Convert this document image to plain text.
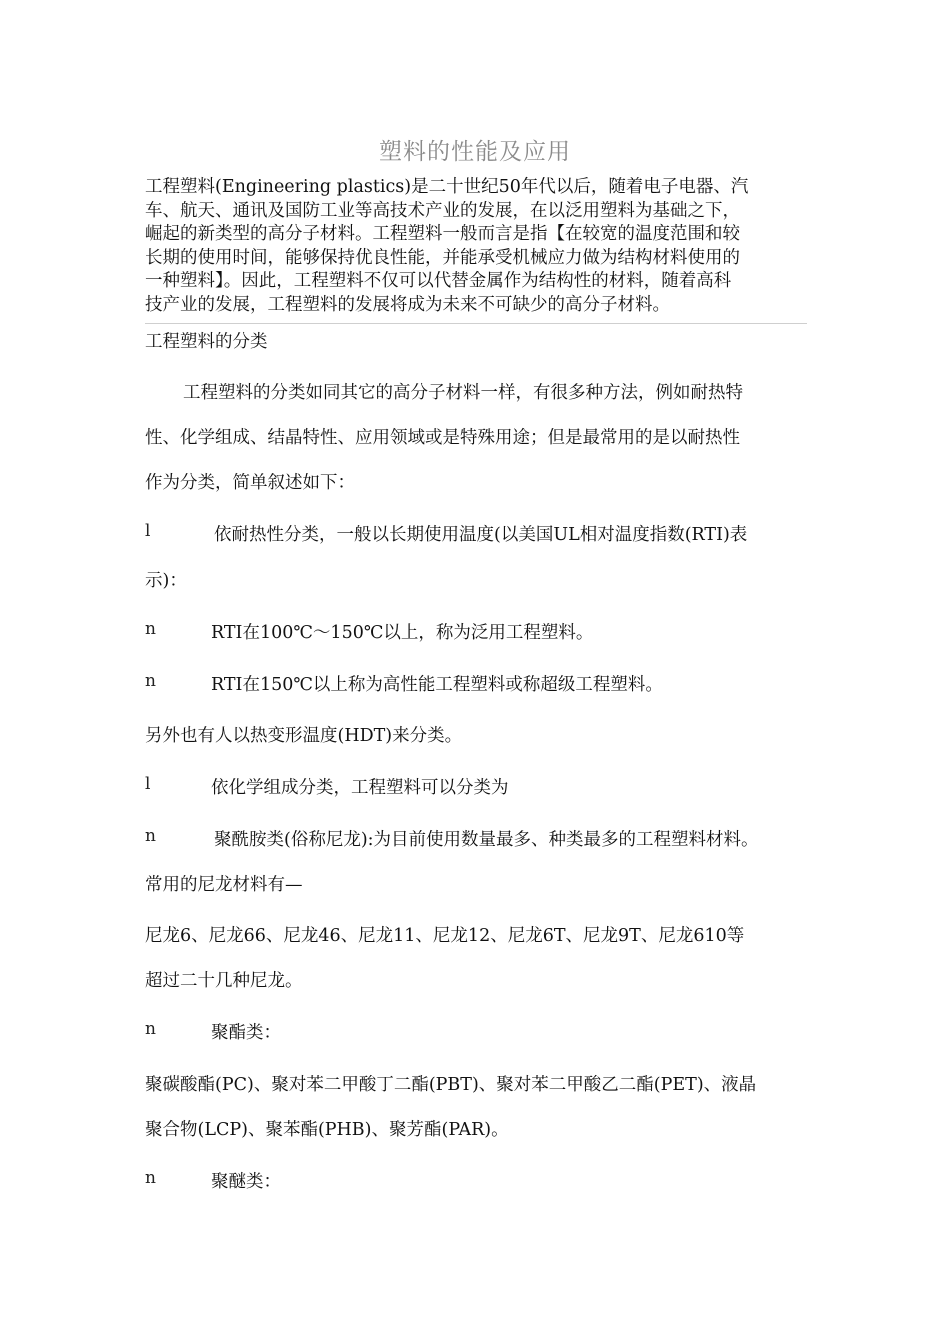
塑料的性能及应用

工程塑料(Engineering plastics)是二十世纪50年代以后，随着电子电器、汽

车、航天、通讯及国防工业等高技术产业的发展，在以泛用塑料为基础之下，

崛起的新类型的高分子材料。工程塑料一般而言是指【在较宽的温度范围和较

长期的使用时间，能够保持优良性能，并能承受机械应力做为结构材料使用的

一种塑料】。因此，工程塑料不仅可以代替金属作为结构性的材料，随着高科

技产业的发展，工程塑料的发展将成为未来不可缺少的高分子材料。

工程塑料的分类
工程塑料的分类如同其它的高分子材料一样，有很多种方法，例如耐热特
性、化学组成、结晶特性、应用领域或是特殊用途；但是最常用的是以耐热性
作为分类，简单叙述如下：
l	依耐热性分类，一般以长期使用温度(以美国UL相对温度指数(RTI)表
示)：
n	RTI在100℃～150℃以上，称为泛用工程塑料。
n	RTI在150℃以上称为高性能工程塑料或称超级工程塑料。
另外也有人以热变形温度(HDT)来分类。
l	依化学组成分类，工程塑料可以分类为
n	聚酰胺类(俗称尼龙):为目前使用数量最多、种类最多的工程塑料材料。
常用的尼龙材料有—
尼龙6、尼龙66、尼龙46、尼龙11、尼龙12、尼龙6T、尼龙9T、尼龙610等
超过二十几种尼龙。
n	聚酯类：
聚碳酸酯(PC)、聚对苯二甲酸丁二酯(PBT)、聚对苯二甲酸乙二酯(PET)、液晶
聚合物(LCP)、聚苯酯(PHB)、聚芳酯(PAR)。
n	聚醚类：
